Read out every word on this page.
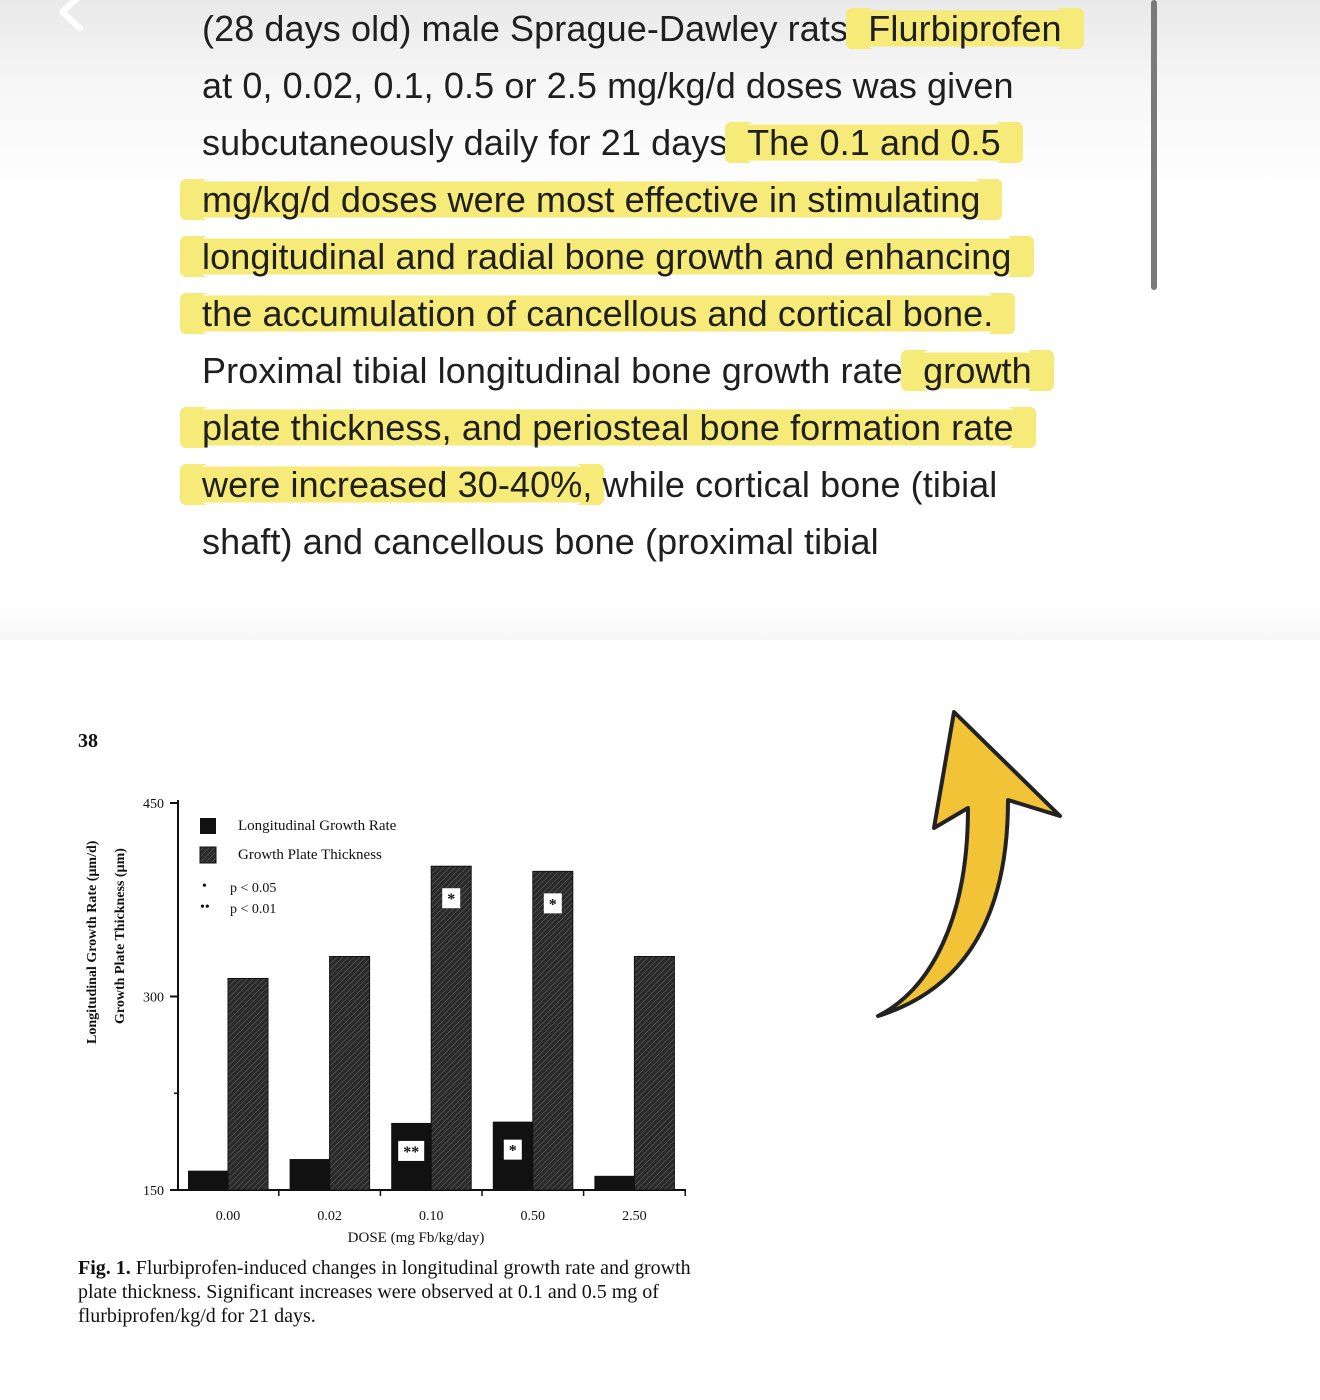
(28 days old) male Sprague-Dawley rats. Flurbiprofen
at 0, 0.02, 0.1, 0.5 or 2.5 mg/kg/d doses was given
subcutaneously daily for 21 days. The 0.1 and 0.5
mg/kg/d doses were most effective in stimulating
longitudinal and radial bone growth and enhancing
the accumulation of cancellous and cortical bone.
Proximal tibial longitudinal bone growth rate, growth
plate thickness, and periosteal bone formation rate
were increased 30-40%, while cortical bone (tibial
shaft) and cancellous bone (proximal tibial
38
Longitudinal Growth Rate (µm/d) Growth Plate Thickness (µm)
150
300
450
**	*
*	*
0.00	0.02	0.10	0.50	2.50
DOSE (mg Fb/kg/day)
Longitudinal Growth Rate
Growth Plate Thickness
• p < 0.05
•• p < 0.01
Fig. 1. Flurbiprofen-induced changes in longitudinal growth rate and growth plate thickness. Significant increases were observed at 0.1 and 0.5 mg of flurbiprofen/kg/d for 21 days.
